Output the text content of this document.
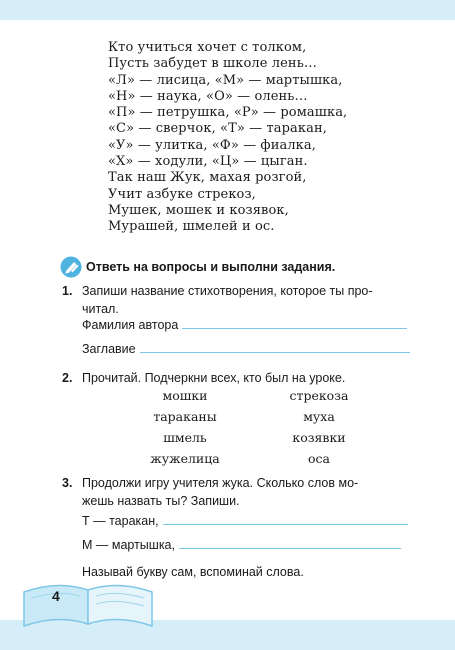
Кто учиться хочет с толком,
Пусть забудет в школе лень…
«Л» — лисица, «М» — мартышка,
«Н» — наука, «О» — олень…
«П» — петрушка, «Р» — ромашка,
«С» — сверчок, «Т» — таракан,
«У» — улитка, «Ф» — фиалка,
«Х» — ходули, «Ц» — цыган.
Так наш Жук, махая розгой,
Учит азбуке стрекоз,
Мушек, мошек и козявок,
Мурашей, шмелей и ос.
Ответь на вопросы и выполни задания.
1. Запиши название стихотворения, которое ты про-
читал.
Фамилия автора
Заглавие
2. Прочитай. Подчеркни всех, кто был на уроке.
мошки
тараканы
шмель
жужелица
стрекоза
муха
козявки
оса
3. Продолжи игру учителя жука. Сколько слов мо-
жешь назвать ты? Запиши.
Т — таракан,
М — мартышка,
Называй букву сам, вспоминай слова.
4
